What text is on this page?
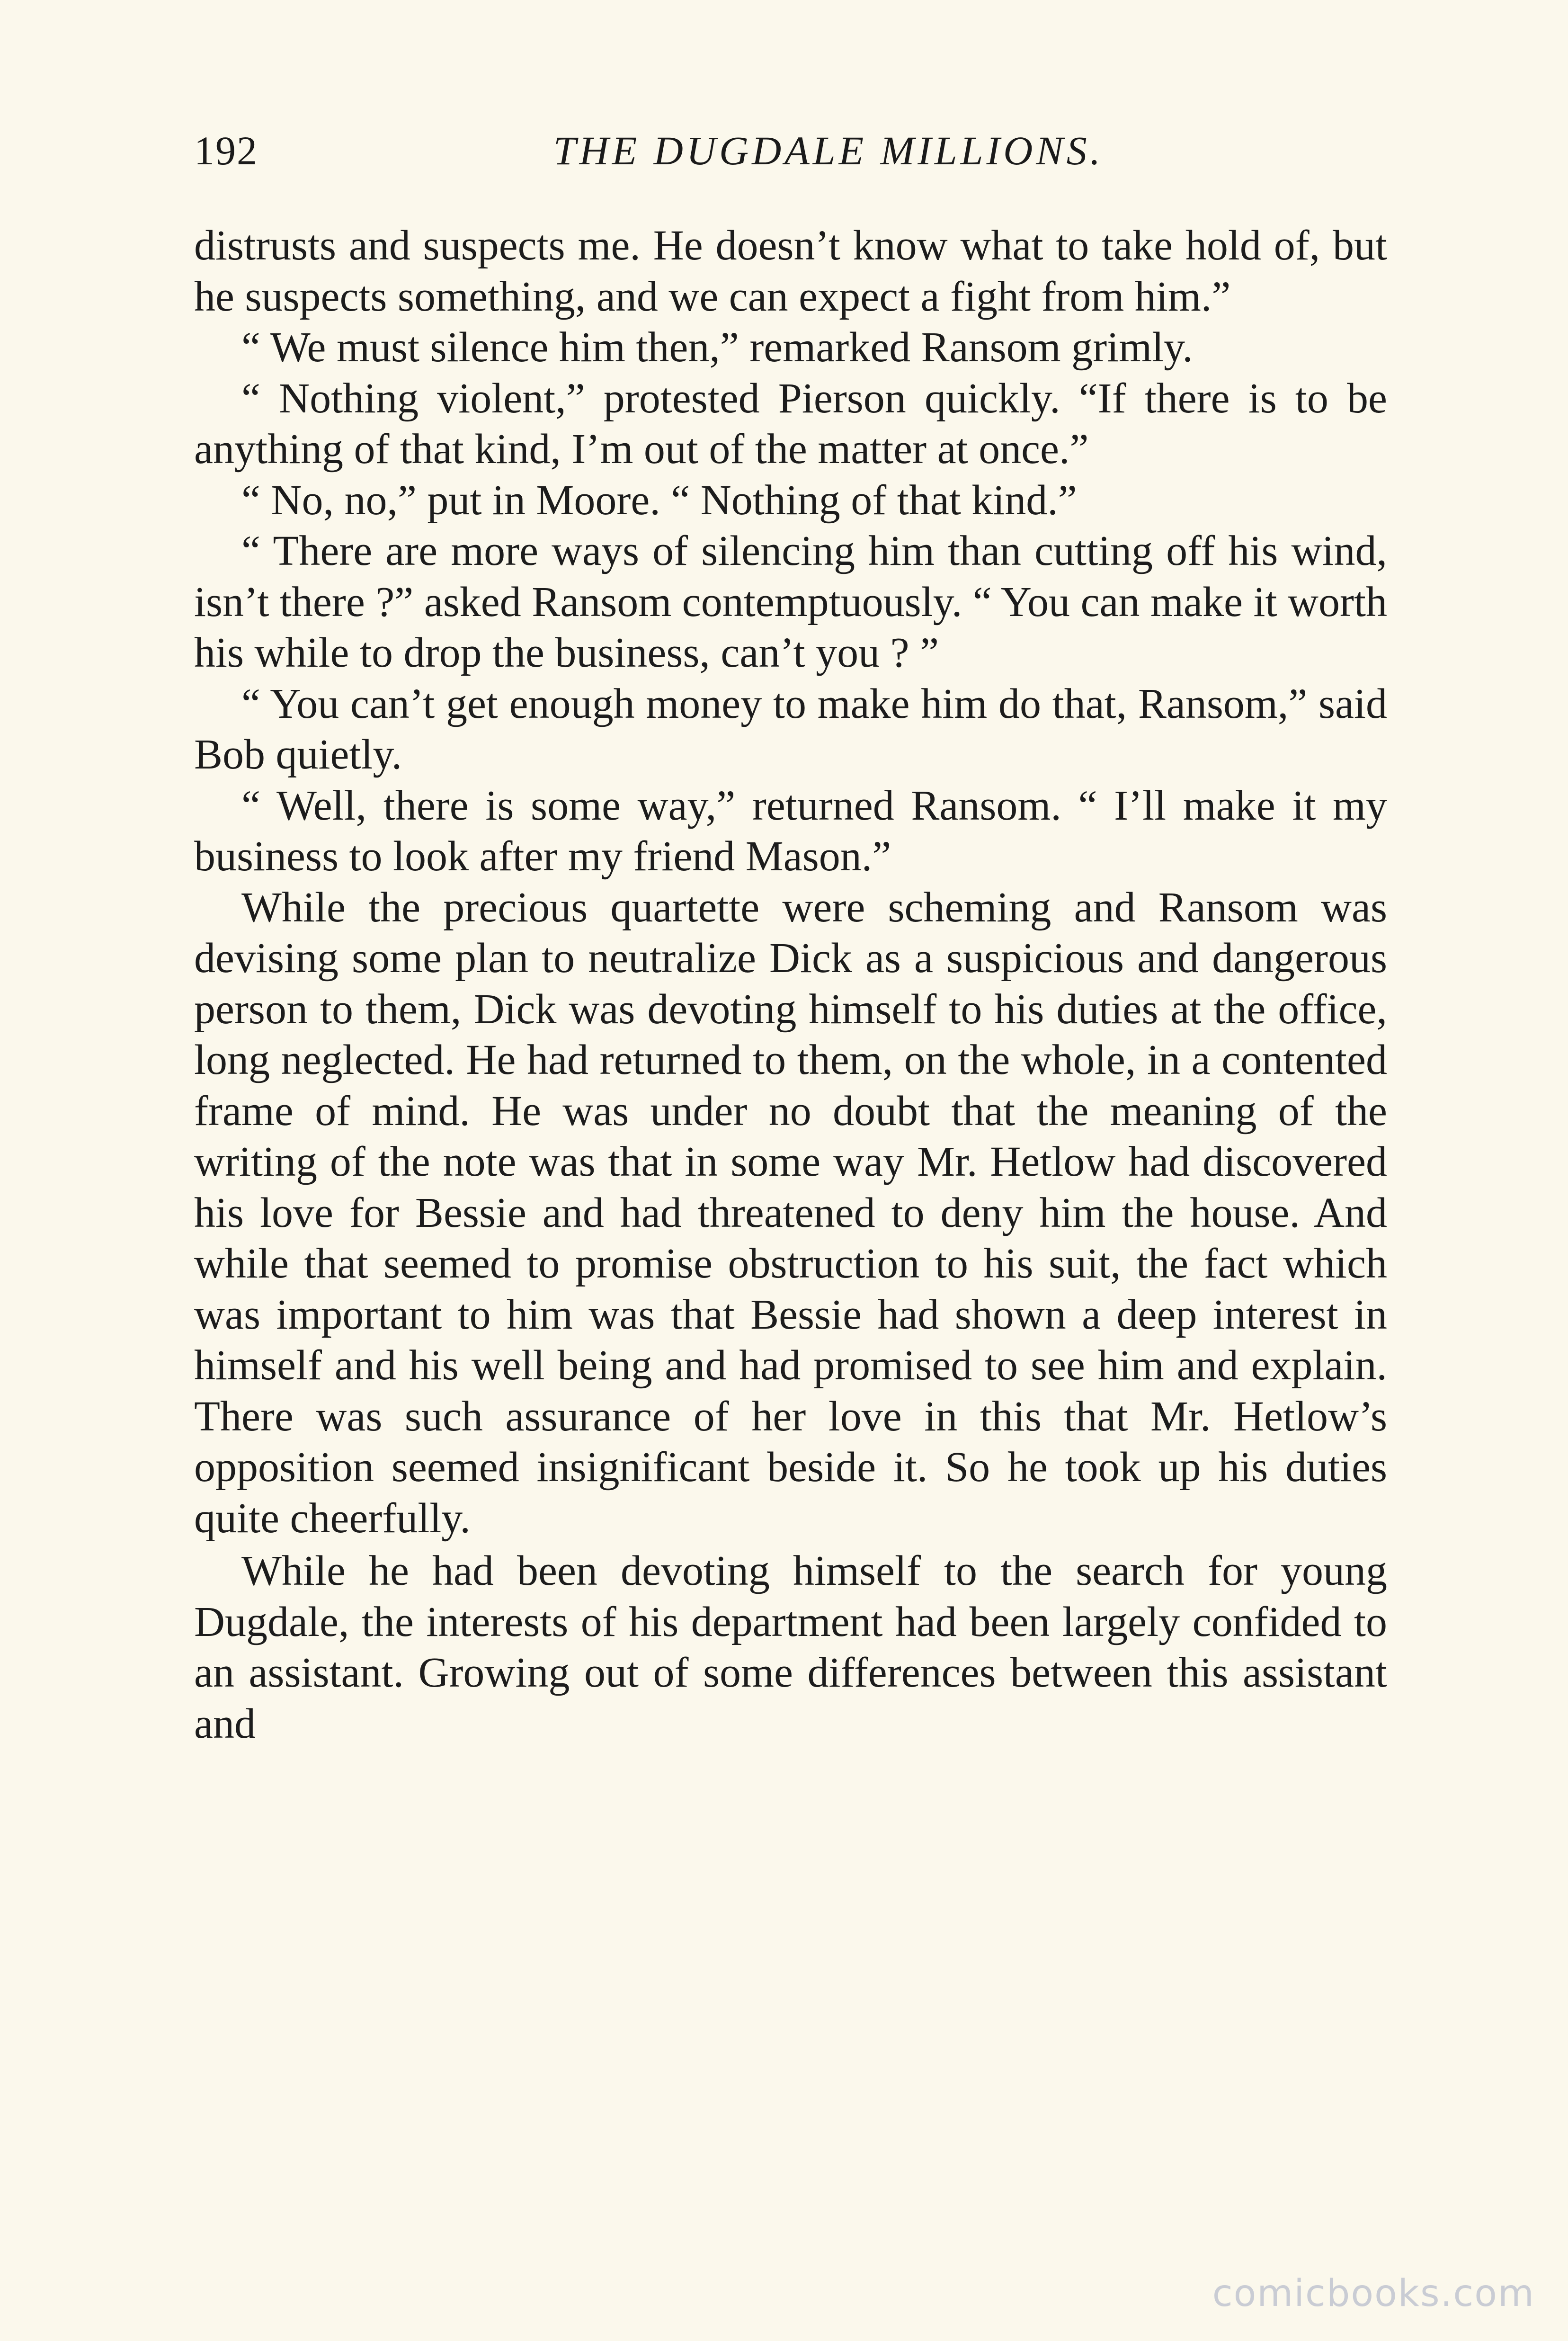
192	THE DUGDALE MILLIONS.

distrusts and suspects me. He doesn’t know what to take hold of, but he suspects something, and we can expect a fight from him.”

“ We must silence him then,” remarked Ransom grimly.

“ Nothing violent,” protested Pierson quickly. “If there is to be anything of that kind, I’m out of the matter at once.”

“ No, no,” put in Moore. “ Nothing of that kind.”

“ There are more ways of silencing him than cutting off his wind, isn’t there ?” asked Ransom contemptuously. “ You can make it worth his while to drop the business, can’t you ? ”

“ You can’t get enough money to make him do that, Ransom,” said Bob quietly.

“ Well, there is some way,” returned Ransom. “ I’ll make it my business to look after my friend Mason.”

While the precious quartette were scheming and Ransom was devising some plan to neutralize Dick as a suspicious and dangerous person to them, Dick was devoting himself to his duties at the office, long neglected. He had returned to them, on the whole, in a contented frame of mind. He was under no doubt that the meaning of the writing of the note was that in some way Mr. Hetlow had discovered his love for Bessie and had threatened to deny him the house. And while that seemed to promise obstruction to his suit, the fact which was important to him was that Bessie had shown a deep interest in himself and his well being and had promised to see him and explain. There was such assurance of her love in this that Mr. Hetlow’s opposition seemed insignificant beside it. So he took up his duties quite cheerfully.

While he had been devoting himself to the search for young Dugdale, the interests of his department had been largely confided to an assistant. Growing out of some differences between this assistant and

comicbooks.com
